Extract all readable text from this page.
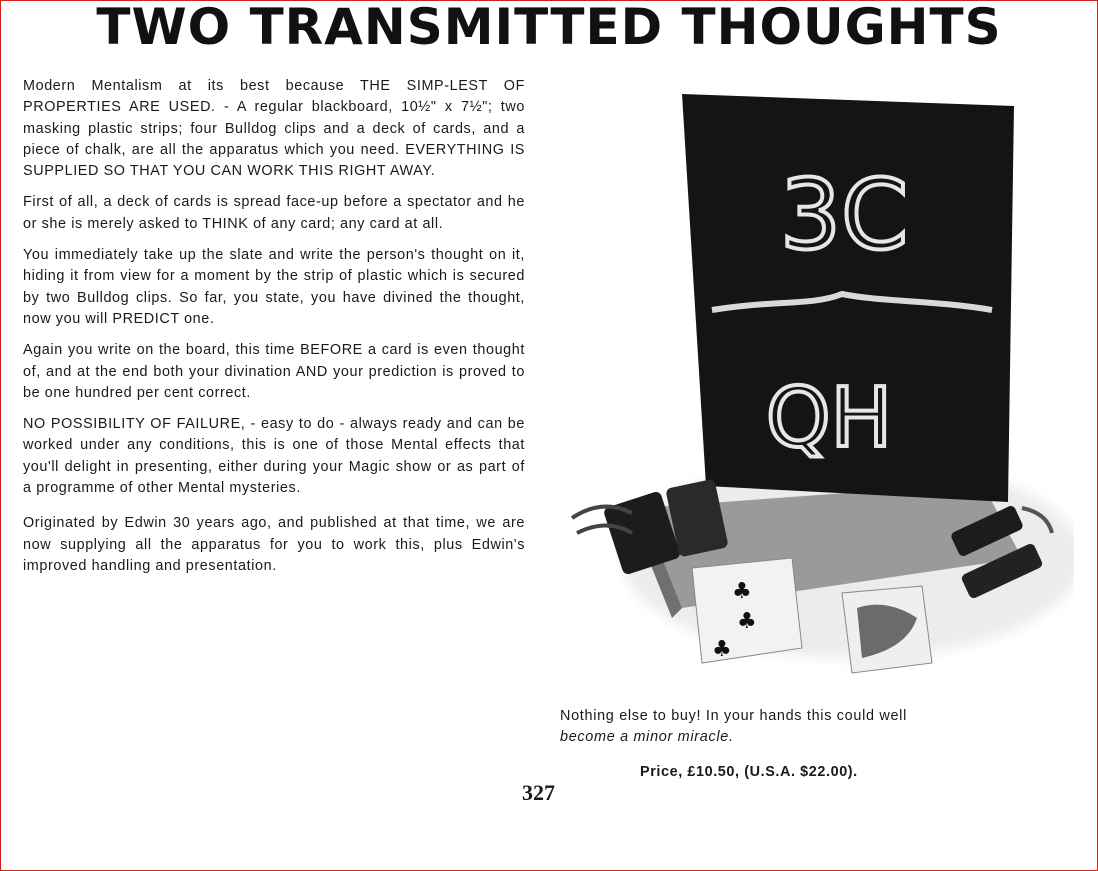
TWO TRANSMITTED THOUGHTS

Modern Mentalism at its best because THE SIMP-LEST OF PROPERTIES ARE USED. - A regular blackboard, 10½" x 7½"; two masking plastic strips; four Bulldog clips and a deck of cards, and a piece of chalk, are all the apparatus which you need. EVERYTHING IS SUPPLIED SO THAT YOU CAN WORK THIS RIGHT AWAY.

First of all, a deck of cards is spread face-up before a spectator and he or she is merely asked to THINK of any card; any card at all.

You immediately take up the slate and write the person's thought on it, hiding it from view for a moment by the strip of plastic which is secured by two Bulldog clips. So far, you state, you have divined the thought, now you will PREDICT one.

Again you write on the board, this time BEFORE a card is even thought of, and at the end both your divination AND your prediction is proved to be one hundred per cent correct.

NO POSSIBILITY OF FAILURE, - easy to do - always ready and can be worked under any conditions, this is one of those Mental effects that you'll delight in presenting, either during your Magic show or as part of a programme of other Mental mysteries.

Originated by Edwin 30 years ago, and published at that time, we are now supplying all the apparatus for you to work this, plus Edwin's improved handling and presentation.

3C
QH
♣
♣
♣
Nothing else to buy! In your hands this could well
become a minor miracle.
Price, £10.50, (U.S.A. $22.00).
327
